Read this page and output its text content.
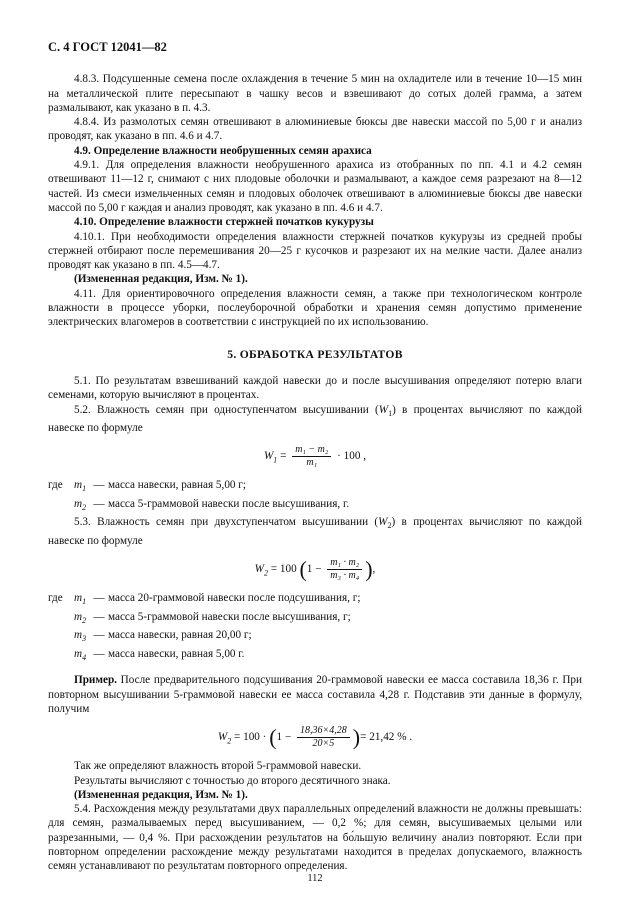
С. 4 ГОСТ 12041—82

4.8.3. Подсушенные семена после охлаждения в течение 5 мин на охладителе или в течение 10—15 мин на металлической плите пересыпают в чашку весов и взвешивают до сотых долей грамма, а затем размалывают, как указано в п. 4.3.

4.8.4. Из размолотых семян отвешивают в алюминиевые бюксы две навески массой по 5,00 г и анализ проводят, как указано в пп. 4.6 и 4.7.

4.9. Определение влажности необрушенных семян арахиса

4.9.1. Для определения влажности необрушенного арахиса из отобранных по пп. 4.1 и 4.2 семян отвешивают 11—12 г, снимают с них плодовые оболочки и размалывают, а каждое семя разрезают на 8—12 частей. Из смеси измельченных семян и плодовых оболочек отвешивают в алюминиевые бюксы две навески массой по 5,00 г каждая и анализ проводят, как указано в пп. 4.6 и 4.7.

4.10. Определение влажности стержней початков кукурузы

4.10.1. При необходимости определения влажности стержней початков кукурузы из средней пробы стержней отбирают после перемешивания 20—25 г кусочков и разрезают их на мелкие части. Далее анализ проводят как указано в пп. 4.5—4.7.

(Измененная редакция, Изм. № 1).

4.11. Для ориентировочного определения влажности семян, а также при технологическом контроле влажности в процессе уборки, послеуборочной обработки и хранения семян допустимо применение электрических влагомеров в соответствии с инструкцией по их использованию.

5. ОБРАБОТКА РЕЗУЛЬТАТОВ

5.1. По результатам взвешиваний каждой навески до и после высушивания определяют потерю влаги семенами, которую вычисляют в процентах.

5.2. Влажность семян при одноступенчатом высушивании $(W_1)$ в процентах вычисляют по каждой навеске по формуле

$W_1 = \frac{\text{m₁ − m₂}}{\text{m₁}} \cdot 100$ ,
где	$m_1$	—	масса навески, равная 5,00 г;
	$m_2$	—	масса 5-граммовой навески после высушивания, г.

5.3. Влажность семян при двухступенчатом высушивании $(W_2)$ в процентах вычисляют по каждой навеске по формуле

$W_2 = 100$ ($1 - \frac{\text{m₁ · m₂}}{\text{m₃ · m₄}}$ ),
где	$m_1$	—	масса 20-граммовой навески после подсушивания, г;
	$m_2$	—	масса 5-граммовой навески после высушивания, г;
	$m_3$	—	масса навески, равная 20,00 г;
	$m_4$	—	масса навески, равная 5,00 г.

Пример. После предварительного подсушивания 20-граммовой навески ее масса составила 18,36 г. При повторном высушивании 5-граммовой навески ее масса составила 4,28 г. Подставив эти данные в формулу, получим

$W_2 = 100 \cdot (1 - \frac{18,36\times 4,28}{20\times 5}$ )= 21,42 % .

Так же определяют влажность второй 5-граммовой навески.

Результаты вычисляют с точностью до второго десятичного знака.

(Измененная редакция, Изм. № 1).

5.4. Расхождения между результатами двух параллельных определений влажности не должны превышать: для семян, размалываемых перед высушиванием, — 0,2 %; для семян, высушиваемых целыми или разрезанными, — 0,4 %. При расхождении результатов на бо́льшую величину анализ повторяют. Если при повторном определении расхождение между результатами находится в пределах допускаемого, влажность семян устанавливают по результатам повторного определения.

112
